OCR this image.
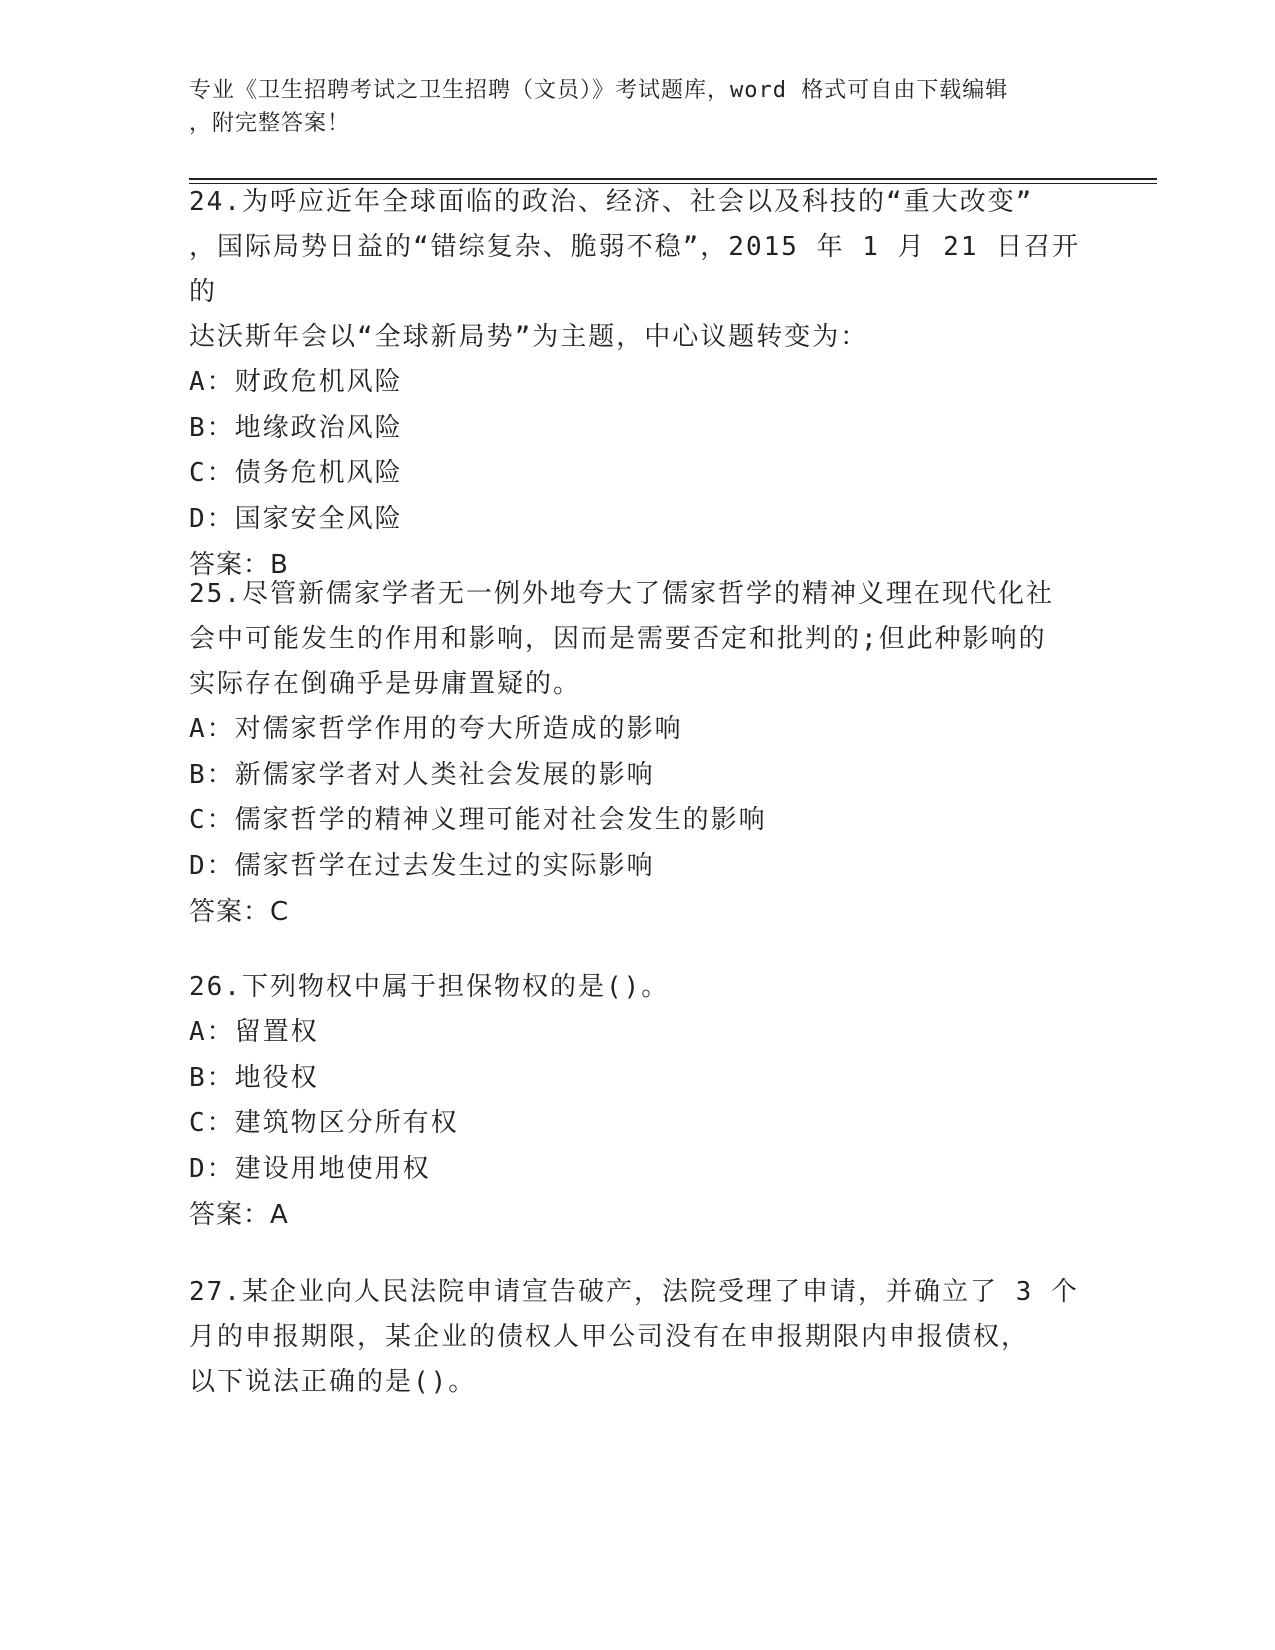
专业《卫生招聘考试之卫生招聘（文员）》考试题库，word 格式可自由下载编辑
，附完整答案！
24.为呼应近年全球面临的政治、经济、社会以及科技的“重大改变”
，国际局势日益的“错综复杂、脆弱不稳”，2015 年 1 月 21 日召开的
达沃斯年会以“全球新局势”为主题，中心议题转变为：
A：财政危机风险
B：地缘政治风险
C：债务危机风险
D：国家安全风险
答案：B
25.尽管新儒家学者无一例外地夸大了儒家哲学的精神义理在现代化社
会中可能发生的作用和影响，因而是需要否定和批判的;但此种影响的
实际存在倒确乎是毋庸置疑的。
A：对儒家哲学作用的夸大所造成的影响
B：新儒家学者对人类社会发展的影响
C：儒家哲学的精神义理可能对社会发生的影响
D：儒家哲学在过去发生过的实际影响
答案：C
26.下列物权中属于担保物权的是()。
A：留置权
B：地役权
C：建筑物区分所有权
D：建设用地使用权
答案：A
27.某企业向人民法院申请宣告破产，法院受理了申请，并确立了 3 个
月的申报期限，某企业的债权人甲公司没有在申报期限内申报债权，
以下说法正确的是()。
